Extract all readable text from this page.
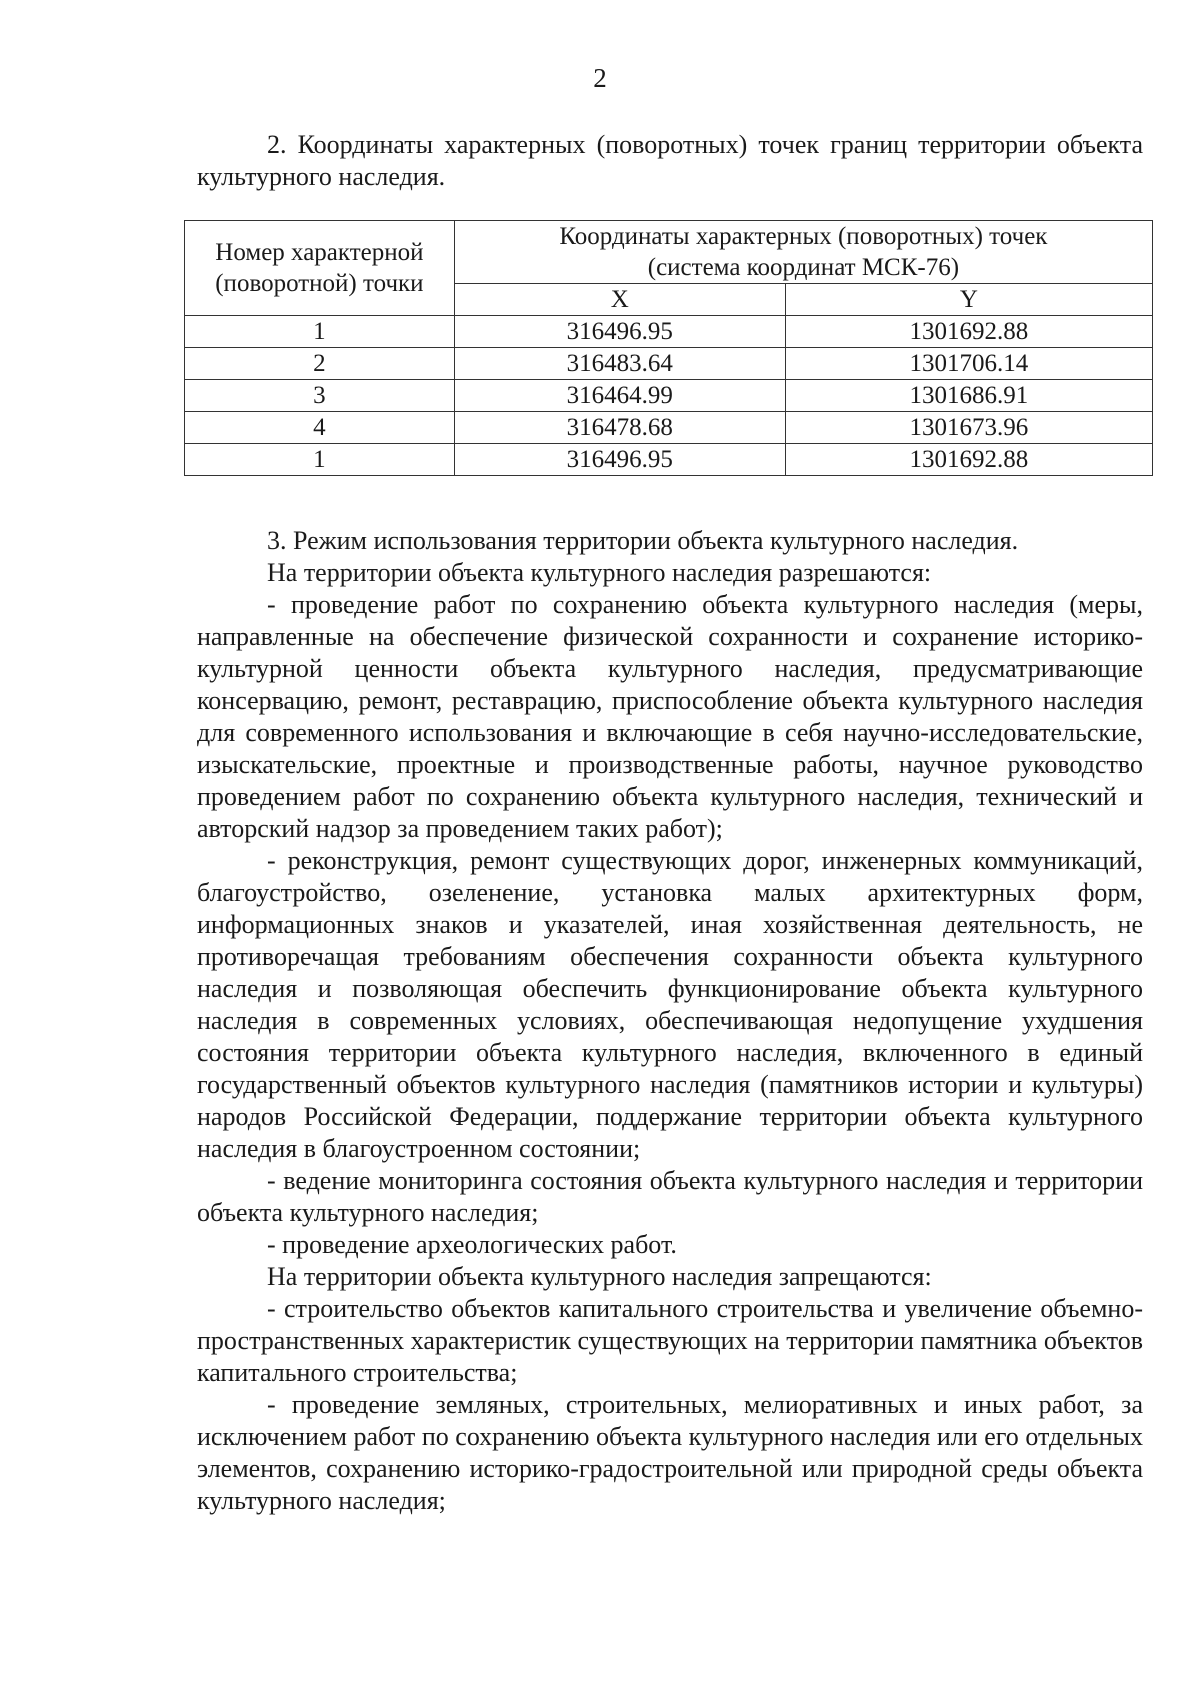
2

2. Координаты характерных (поворотных) точек границ территории объекта культурного наследия.

Номер характерной (поворотной) точки	Координаты характерных (поворотных) точек
(система координат МСК-76)	

	X	Y
1	316496.95	1301692.88
2	316483.64	1301706.14
3	316464.99	1301686.91
4	316478.68	1301673.96
1	316496.95	1301692.88

3. Режим использования территории объекта культурного наследия.

На территории объекта культурного наследия разрешаются:

- проведение работ по сохранению объекта культурного наследия (меры, направленные на обеспечение физической сохранности и сохранение историко-культурной ценности объекта культурного наследия, предусматривающие консервацию, ремонт, реставрацию, приспособление объекта культурного наследия для современного использования и включающие в себя научно-исследовательские, изыскательские, проектные и производственные работы, научное руководство проведением работ по сохранению объекта культурного наследия, технический и авторский надзор за проведением таких работ);

- реконструкция, ремонт существующих дорог, инженерных коммуникаций, благоустройство, озеленение, установка малых архитектурных форм, информационных знаков и указателей, иная хозяйственная деятельность, не противоречащая требованиям обеспечения сохранности объекта культурного наследия и позволяющая обеспечить функционирование объекта культурного наследия в современных условиях, обеспечивающая недопущение ухудшения состояния территории объекта культурного наследия, включенного в единый государственный объектов культурного наследия (памятников истории и культуры) народов Российской Федерации, поддержание территории объекта культурного наследия в благоустроенном состоянии;

- ведение мониторинга состояния объекта культурного наследия и территории объекта культурного наследия;

- проведение археологических работ.

На территории объекта культурного наследия запрещаются:

- строительство объектов капитального строительства и увеличение объемно-пространственных характеристик существующих на территории памятника объектов капитального строительства;

- проведение земляных, строительных, мелиоративных и иных работ, за исключением работ по сохранению объекта культурного наследия или его отдельных элементов, сохранению историко-градостроительной или природной среды объекта культурного наследия;
